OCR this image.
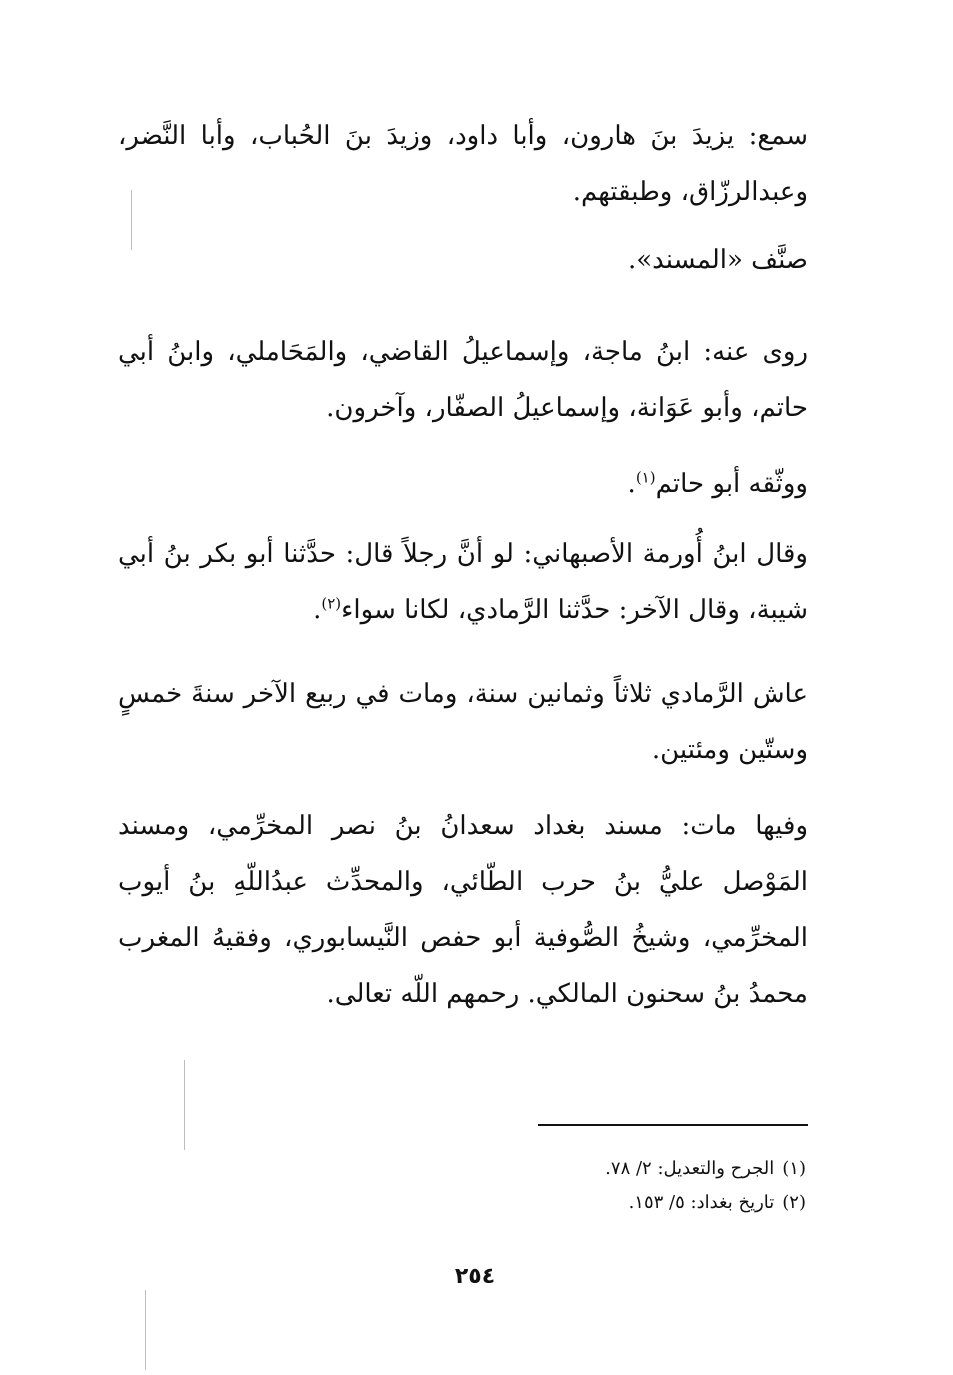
سمع: يزيدَ بنَ هارون، وأبا داود، وزيدَ بنَ الحُباب، وأبا النَّضر، وعبدالرزّاق، وطبقتهم.

صنَّف «المسند».

روى عنه: ابنُ ماجة، وإسماعيلُ القاضي، والمَحَاملي، وابنُ أبي حاتم، وأبو عَوَانة، وإسماعيلُ الصفّار، وآخرون.

ووثّقه أبو حاتم$^{(١)}$.

وقال ابنُ أُورمة الأصبهاني: لو أنَّ رجلاً قال: حدَّثنا أبو بكر بنُ أبي شيبة، وقال الآخر: حدَّثنا الرَّمادي، لكانا سواء$^{(٢)}$.

عاش الرَّمادي ثلاثاً وثمانين سنة، ومات في ربيع الآخر سنةَ خمسٍ وستّين ومئتين.

وفيها مات: مسند بغداد سعدانُ بنُ نصر المخرِّمي، ومسند المَوْصل عليُّ بنُ حرب الطّائي، والمحدِّث عبدُاللّهِ بنُ أيوب المخرِّمي، وشيخُ الصُّوفية أبو حفص النَّيسابوري، وفقيهُ المغرب محمدُ بنُ سحنون المالكي. رحمهم اللّه تعالى.

(١)الجرح والتعديل: ٢/ ٧٨.

(٢)تاريخ بغداد: ٥/ ١٥٣.

٢٥٤
